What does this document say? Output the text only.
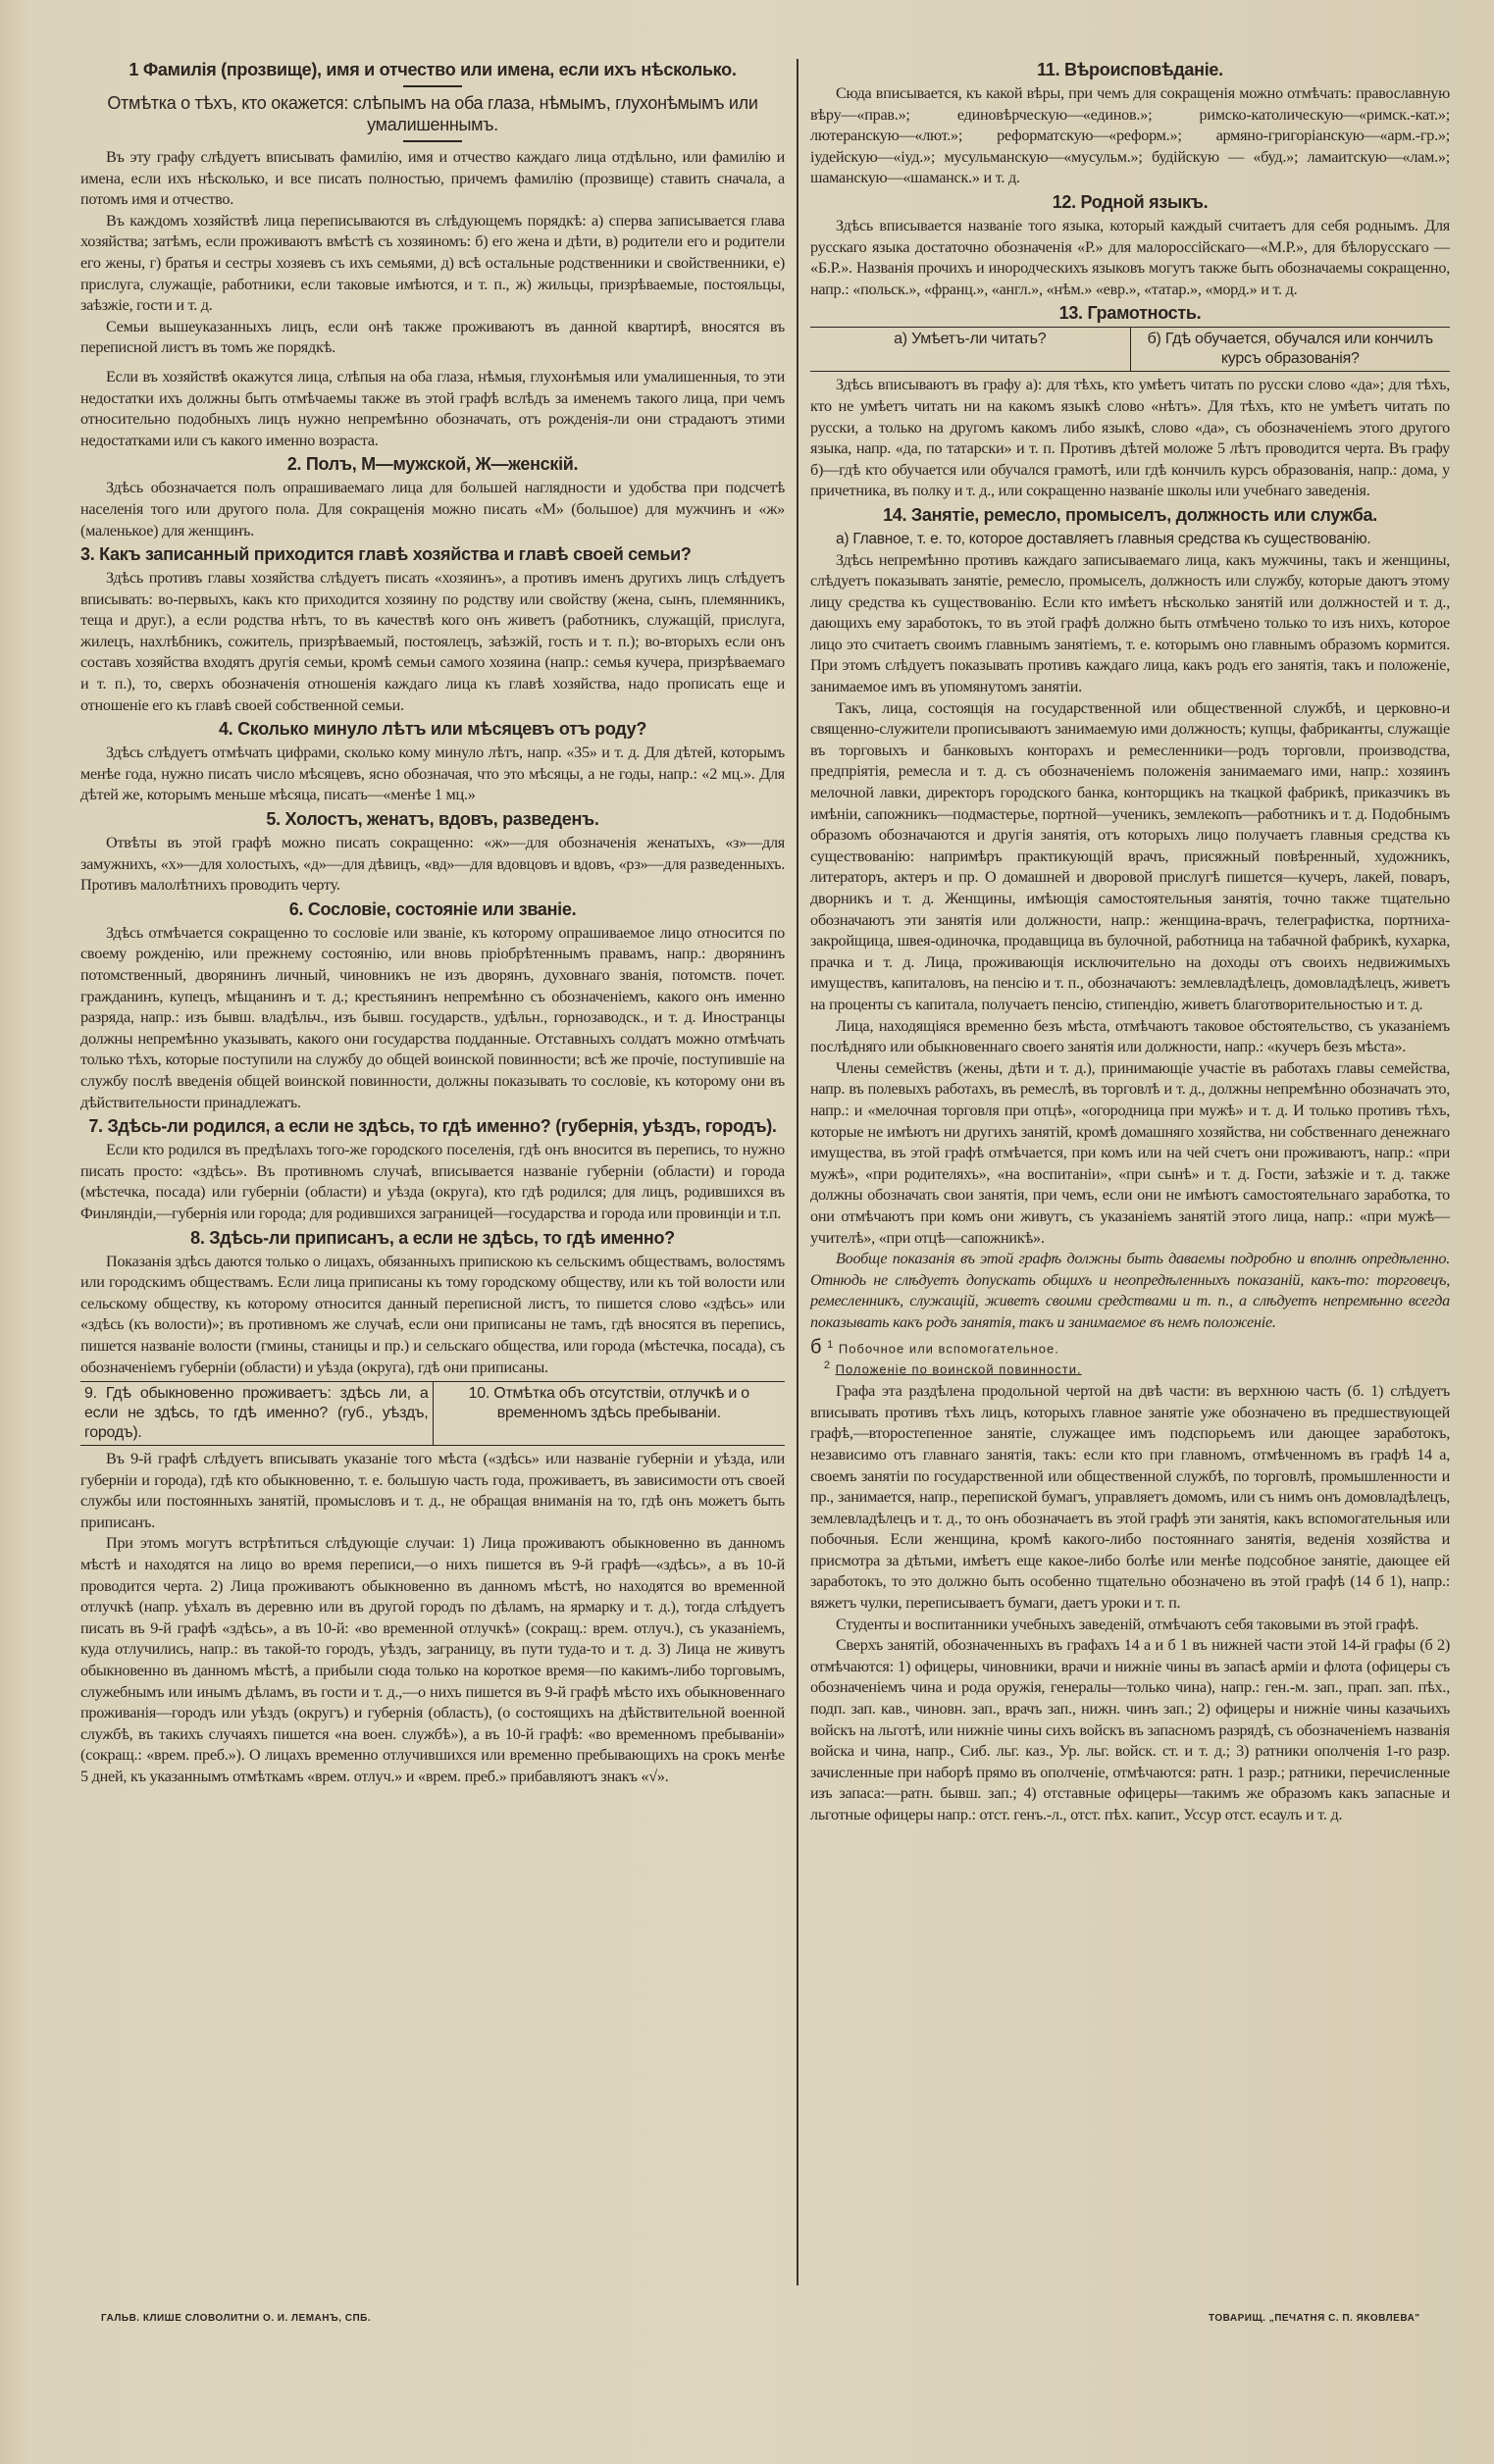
1 Фамилія (прозвище), имя и отчество или имена, если ихъ нѣсколько.
Отмѣтка о тѣхъ, кто окажется: слѣпымъ на оба глаза, нѣмымъ, глухонѣмымъ или умалишеннымъ.

Въ эту графу слѣдуетъ вписывать фамилію, имя и отчество каждаго лица отдѣльно, или фамилію и имена, если ихъ нѣсколько, и все писать полностью, причемъ фамилію (прозвище) ставить сначала, а потомъ имя и отчество.

Въ каждомъ хозяйствѣ лица переписываются въ слѣдующемъ порядкѣ: а) сперва записывается глава хозяйства; затѣмъ, если проживаютъ вмѣстѣ съ хозяиномъ: б) его жена и дѣти, в) родители его и родители его жены, г) братья и сестры хозяевъ съ ихъ семьями, д) всѣ остальные родственники и свойственники, е) прислуга, служащіе, работники, если таковые имѣются, и т. п., ж) жильцы, призрѣваемые, постояльцы, заѣзжіе, гости и т. д.

Семьи вышеуказанныхъ лицъ, если онѣ также проживаютъ въ данной квартирѣ, вносятся въ переписной листъ въ томъ же порядкѣ.

Если въ хозяйствѣ окажутся лица, слѣпыя на оба глаза, нѣмыя, глухонѣмыя или умалишенныя, то эти недостатки ихъ должны быть отмѣчаемы также въ этой графѣ вслѣдъ за именемъ такого лица, при чемъ относительно подобныхъ лицъ нужно непремѣнно обозначать, отъ рожденія-ли они страдаютъ этими недостатками или съ какого именно возраста.

2. Полъ, М—мужской, Ж—женскій.

Здѣсь обозначается полъ опрашиваемаго лица для большей наглядности и удобства при подсчетѣ населенія того или другого пола. Для сокращенія можно писать «М» (большое) для мужчинъ и «ж» (маленькое) для женщинъ.

3. Какъ записанный приходится главѣ хозяйства и главѣ своей семьи?

Здѣсь противъ главы хозяйства слѣдуетъ писать «хозяинъ», а противъ именъ другихъ лицъ слѣдуетъ вписывать: во-первыхъ, какъ кто приходится хозяину по родству или свойству (жена, сынъ, племянникъ, теща и друг.), а если родства нѣтъ, то въ качествѣ кого онъ живетъ (работникъ, служащій, прислуга, жилецъ, нахлѣбникъ, сожитель, призрѣваемый, постоялецъ, заѣзжій, гость и т. п.); во-вторыхъ если онъ составъ хозяйства входятъ другія семьи, кромѣ семьи самого хозяина (напр.: семья кучера, призрѣваемаго и т. п.), то, сверхъ обозначенія отношенія каждаго лица къ главѣ хозяйства, надо прописать еще и отношеніе его къ главѣ своей собственной семьи.

4. Сколько минуло лѣтъ или мѣсяцевъ отъ роду?

Здѣсь слѣдуетъ отмѣчать цифрами, сколько кому минуло лѣтъ, напр. «35» и т. д. Для дѣтей, которымъ менѣе года, нужно писать число мѣсяцевъ, ясно обозначая, что это мѣсяцы, а не годы, напр.: «2 мц.». Для дѣтей же, которымъ меньше мѣсяца, писать—«менѣе 1 мц.»

5. Холостъ, женатъ, вдовъ, разведенъ.

Отвѣты въ этой графѣ можно писать сокращенно: «ж»—для обозначенія женатыхъ, «з»—для замужнихъ, «х»—для холостыхъ, «д»—для дѣвицъ, «вд»—для вдовцовъ и вдовъ, «рз»—для разведенныхъ. Противъ малолѣтнихъ проводить черту.

6. Сословіе, состояніе или званіе.

Здѣсь отмѣчается сокращенно то сословіе или званіе, къ которому опрашиваемое лицо относится по своему рожденію, или прежнему состоянію, или вновь пріобрѣтеннымъ правамъ, напр.: дворянинъ потомственный, дворянинъ личный, чиновникъ не изъ дворянъ, духовнаго званія, потомств. почет. гражданинъ, купецъ, мѣщанинъ и т. д.; крестьянинъ непремѣнно съ обозначеніемъ, какого онъ именно разряда, напр.: изъ бывш. владѣльч., изъ бывш. государств., удѣльн., горнозаводск., и т. д. Иностранцы должны непремѣнно указывать, какого они государства подданные. Отставныхъ солдатъ можно отмѣчать только тѣхъ, которые поступили на службу до общей воинской повинности; всѣ же прочіе, поступившіе на службу послѣ введенія общей воинской повинности, должны показывать то сословіе, къ которому они въ дѣйствительности принадлежатъ.

7. Здѣсь-ли родился, а если не здѣсь, то гдѣ именно? (губернія, уѣздъ, городъ).

Если кто родился въ предѣлахъ того-же городского поселенія, гдѣ онъ вносится въ перепись, то нужно писать просто: «здѣсь». Въ противномъ случаѣ, вписывается названіе губерніи (области) и города (мѣстечка, посада) или губерніи (области) и уѣзда (округа), кто гдѣ родился; для лицъ, родившихся въ Финляндіи,—губернія или города; для родившихся заграницей—государства и города или провинціи и т.п.

8. Здѣсь-ли приписанъ, а если не здѣсь, то гдѣ именно?

Показанія здѣсь даются только о лицахъ, обязанныхъ припискою къ сельскимъ обществамъ, волостямъ или городскимъ обществамъ. Если лица приписаны къ тому городскому обществу, или къ той волости или сельскому обществу, къ которому относится данный переписной листъ, то пишется слово «здѣсь» или «здѣсь (къ волости)»; въ противномъ же случаѣ, если они приписаны не тамъ, гдѣ вносятся въ перепись, пишется названіе волости (гмины, станицы и пр.) и сельскаго общества, или города (мѣстечка, посада), съ обозначеніемъ губерніи (области) и уѣзда (округа), гдѣ они приписаны.

9. Гдѣ обыкновенно проживаетъ: здѣсь ли, а если не здѣсь, то гдѣ именно? (губ., уѣздъ, городъ).
10. Отмѣтка объ отсутствіи, отлучкѣ и о временномъ здѣсь пребываніи.

Въ 9-й графѣ слѣдуетъ вписывать указаніе того мѣста («здѣсь» или названіе губерніи и уѣзда, или губерніи и города), гдѣ кто обыкновенно, т. е. большую часть года, проживаетъ, въ зависимости отъ своей службы или постоянныхъ занятій, промысловъ и т. д., не обращая вниманія на то, гдѣ онъ можетъ быть приписанъ.

При этомъ могутъ встрѣтиться слѣдующіе случаи: 1) Лица проживаютъ обыкновенно въ данномъ мѣстѣ и находятся на лицо во время переписи,—о нихъ пишется въ 9-й графѣ—«здѣсь», а въ 10-й проводится черта. 2) Лица проживаютъ обыкновенно въ данномъ мѣстѣ, но находятся во временной отлучкѣ (напр. уѣхалъ въ деревню или въ другой городъ по дѣламъ, на ярмарку и т. д.), тогда слѣдуетъ писать въ 9-й графѣ «здѣсь», а въ 10-й: «во временной отлучкѣ» (сокращ.: врем. отлуч.), съ указаніемъ, куда отлучились, напр.: въ такой-то городъ, уѣздъ, заграницу, въ пути туда-то и т. д. 3) Лица не живутъ обыкновенно въ данномъ мѣстѣ, а прибыли сюда только на короткое время—по какимъ-либо торговымъ, служебнымъ или инымъ дѣламъ, въ гости и т. д.,—о нихъ пишется въ 9-й графѣ мѣсто ихъ обыкновеннаго проживанія—городъ или уѣздъ (округъ) и губернія (область), (о состоящихъ на дѣйствительной военной службѣ, въ такихъ случаяхъ пишется «на воен. службѣ»), а въ 10-й графѣ: «во временномъ пребываніи» (сокращ.: «врем. преб.»). О лицахъ временно отлучившихся или временно пребывающихъ на срокъ менѣе 5 дней, къ указаннымъ отмѣткамъ «врем. отлуч.» и «врем. преб.» прибавляютъ знакъ «√».

11. Вѣроисповѣданіе.

Сюда вписывается, къ какой вѣры, при чемъ для сокращенія можно отмѣчать: православную вѣру—«прав.»; единовѣрческую—«единов.»; римско-католическую—«римск.-кат.»; лютеранскую—«лют.»; реформатскую—«реформ.»; армяно-григоріанскую—«арм.-гр.»; іудейскую—«іуд.»; мусульманскую—«мусульм.»; будійскую — «буд.»; ламаитскую—«лам.»; шаманскую—«шаманск.» и т. д.

12. Родной языкъ.

Здѣсь вписывается названіе того языка, который каждый считаетъ для себя роднымъ. Для русскаго языка достаточно обозначенія «Р.» для малороссійскаго—«М.Р.», для бѣлорусскаго — «Б.Р.». Названія прочихъ и инородческихъ языковъ могутъ также быть обозначаемы сокращенно, напр.: «польск.», «франц.», «англ.», «нѣм.» «евр.», «татар.», «морд.» и т. д.

13. Грамотность.
а) Умѣетъ-ли читать?	б) Гдѣ обучается, обучался или кончилъ курсъ образованія?

Здѣсь вписываютъ въ графу а): для тѣхъ, кто умѣетъ читать по русски слово «да»; для тѣхъ, кто не умѣетъ читать ни на какомъ языкѣ слово «нѣтъ». Для тѣхъ, кто не умѣетъ читать по русски, а только на другомъ какомъ либо языкѣ, слово «да», съ обозначеніемъ этого другого языка, напр. «да, по татарски» и т. п. Противъ дѣтей моложе 5 лѣтъ проводится черта. Въ графу б)—гдѣ кто обучается или обучался грамотѣ, или гдѣ кончилъ курсъ образованія, напр.: дома, у причетника, въ полку и т. д., или сокращенно названіе школы или учебнаго заведенія.

14. Занятіе, ремесло, промыселъ, должность или служба.

а) Главное, т. е. то, которое доставляетъ главныя средства къ существованію.

Здѣсь непремѣнно противъ каждаго записываемаго лица, какъ мужчины, такъ и женщины, слѣдуетъ показывать занятіе, ремесло, промыселъ, должность или службу, которые даютъ этому лицу средства къ существованію. Если кто имѣетъ нѣсколько занятій или должностей и т. д., дающихъ ему заработокъ, то въ этой графѣ должно быть отмѣчено только то изъ нихъ, которое лицо это считаетъ своимъ главнымъ занятіемъ, т. е. которымъ оно главнымъ образомъ кормится. При этомъ слѣдуетъ показывать противъ каждаго лица, какъ родъ его занятія, такъ и положеніе, занимаемое имъ въ упомянутомъ занятіи.

Такъ, лица, состоящія на государственной или общественной службѣ, и церковно-и священно-служители прописываютъ занимаемую ими должность; купцы, фабриканты, служащіе въ торговыхъ и банковыхъ конторахъ и ремесленники—родъ торговли, производства, предпріятія, ремесла и т. д. съ обозначеніемъ положенія занимаемаго ими, напр.: хозяинъ мелочной лавки, директоръ городского банка, конторщикъ на ткацкой фабрикѣ, приказчикъ въ имѣніи, сапожникъ—подмастерье, портной—ученикъ, землекопъ—работникъ и т. д. Подобнымъ образомъ обозначаются и другія занятія, отъ которыхъ лицо получаетъ главныя средства къ существованію: напримѣръ практикующій врачъ, присяжный повѣренный, художникъ, литераторъ, актеръ и пр. О домашней и дворовой прислугѣ пишется—кучеръ, лакей, поваръ, дворникъ и т. д. Женщины, имѣющія самостоятельныя занятія, точно также тщательно обозначаютъ эти занятія или должности, напр.: женщина-врачъ, телеграфистка, портниха-закройщица, швея-одиночка, продавщица въ булочной, работница на табачной фабрикѣ, кухарка, прачка и т. д. Лица, проживающія исключительно на доходы отъ своихъ недвижимыхъ имуществъ, капиталовъ, на пенсію и т. п., обозначаютъ: землевладѣлецъ, домовладѣлецъ, живетъ на проценты съ капитала, получаетъ пенсію, стипендію, живетъ благотворительностью и т. д.

Лица, находящіяся временно безъ мѣста, отмѣчаютъ таковое обстоятельство, съ указаніемъ послѣдняго или обыкновеннаго своего занятія или должности, напр.: «кучеръ безъ мѣста».

Члены семействъ (жены, дѣти и т. д.), принимающіе участіе въ работахъ главы семейства, напр. въ полевыхъ работахъ, въ ремеслѣ, въ торговлѣ и т. д., должны непремѣнно обозначать это, напр.: и «мелочная торговля при отцѣ», «огородница при мужѣ» и т. д. И только противъ тѣхъ, которые не имѣютъ ни другихъ занятій, кромѣ домашняго хозяйства, ни собственнаго денежнаго имущества, въ этой графѣ отмѣчается, при комъ или на чей счетъ они проживаютъ, напр.: «при мужѣ», «при родителяхъ», «на воспитаніи», «при сынѣ» и т. д. Гости, заѣзжіе и т. д. также должны обозначать свои занятія, при чемъ, если они не имѣютъ самостоятельнаго заработка, то они отмѣчаютъ при комъ они живутъ, съ указаніемъ занятій этого лица, напр.: «при мужѣ—учителѣ», «при отцѣ—сапожникѣ».

Вообще показанія въ этой графѣ должны быть даваемы подробно и вполнѣ опредѣленно. Отнюдь не слѣдуетъ допускать общихъ и неопредѣленныхъ показаній, какъ-то: торговецъ, ремесленникъ, служащій, живетъ своими средствами и т. п., а слѣдуетъ непремѣнно всегда показывать какъ родъ занятія, такъ и занимаемое въ немъ положеніе.

б $^1$ Побочное или вспомогательное.
$^2$ Положеніе по воинской повинности.

Графа эта раздѣлена продольной чертой на двѣ части: въ верхнюю часть (б. 1) слѣдуетъ вписывать противъ тѣхъ лицъ, которыхъ главное занятіе уже обозначено въ предшествующей графѣ,—второстепенное занятіе, служащее имъ подспорьемъ или дающее заработокъ, независимо отъ главнаго занятія, такъ: если кто при главномъ, отмѣченномъ въ графѣ 14 а, своемъ занятіи по государственной или общественной службѣ, по торговлѣ, промышленности и пр., занимается, напр., перепиской бумагъ, управляетъ домомъ, или съ нимъ онъ домовладѣлецъ, землевладѣлецъ и т. д., то онъ обозначаетъ въ этой графѣ эти занятія, какъ вспомогательныя или побочныя. Если женщина, кромѣ какого-либо постояннаго занятія, веденія хозяйства и присмотра за дѣтьми, имѣетъ еще какое-либо болѣе или менѣе подсобное занятіе, дающее ей заработокъ, то это должно быть особенно тщательно обозначено въ этой графѣ (14 б 1), напр.: вяжетъ чулки, переписываетъ бумаги, даетъ уроки и т. п.

Студенты и воспитанники учебныхъ заведеній, отмѣчаютъ себя таковыми въ этой графѣ.

Сверхъ занятій, обозначенныхъ въ графахъ 14 а и б 1 въ нижней части этой 14-й графы (б 2) отмѣчаются: 1) офицеры, чиновники, врачи и нижніе чины въ запасѣ арміи и флота (офицеры съ обозначеніемъ чина и рода оружія, генералы—только чина), напр.: ген.-м. зап., прап. зап. пѣх., подп. зап. кав., чиновн. зап., врачъ зап., нижн. чинъ зап.; 2) офицеры и нижніе чины казачьихъ войскъ на льготѣ, или нижніе чины сихъ войскъ въ запасномъ разрядѣ, съ обозначеніемъ названія войска и чина, напр., Сиб. льг. каз., Ур. льг. войск. ст. и т. д.; 3) ратники ополченія 1-го разр. зачисленные при наборѣ прямо въ ополченіе, отмѣчаются: ратн. 1 разр.; ратники, перечисленные изъ запаса:—ратн. бывш. зап.; 4) отставные офицеры—такимъ же образомъ какъ запасные и льготные офицеры напр.: отст. генъ.-л., отст. пѣх. капит., Усcур отст. есаулъ и т. д.

ГАЛЬВ. КЛИШЕ СЛОВОЛИТНИ О. И. ЛЕМАНЪ, СПБ.	ТОВАРИЩ. „ПЕЧАТНЯ С. П. ЯКОВЛЕВА"
